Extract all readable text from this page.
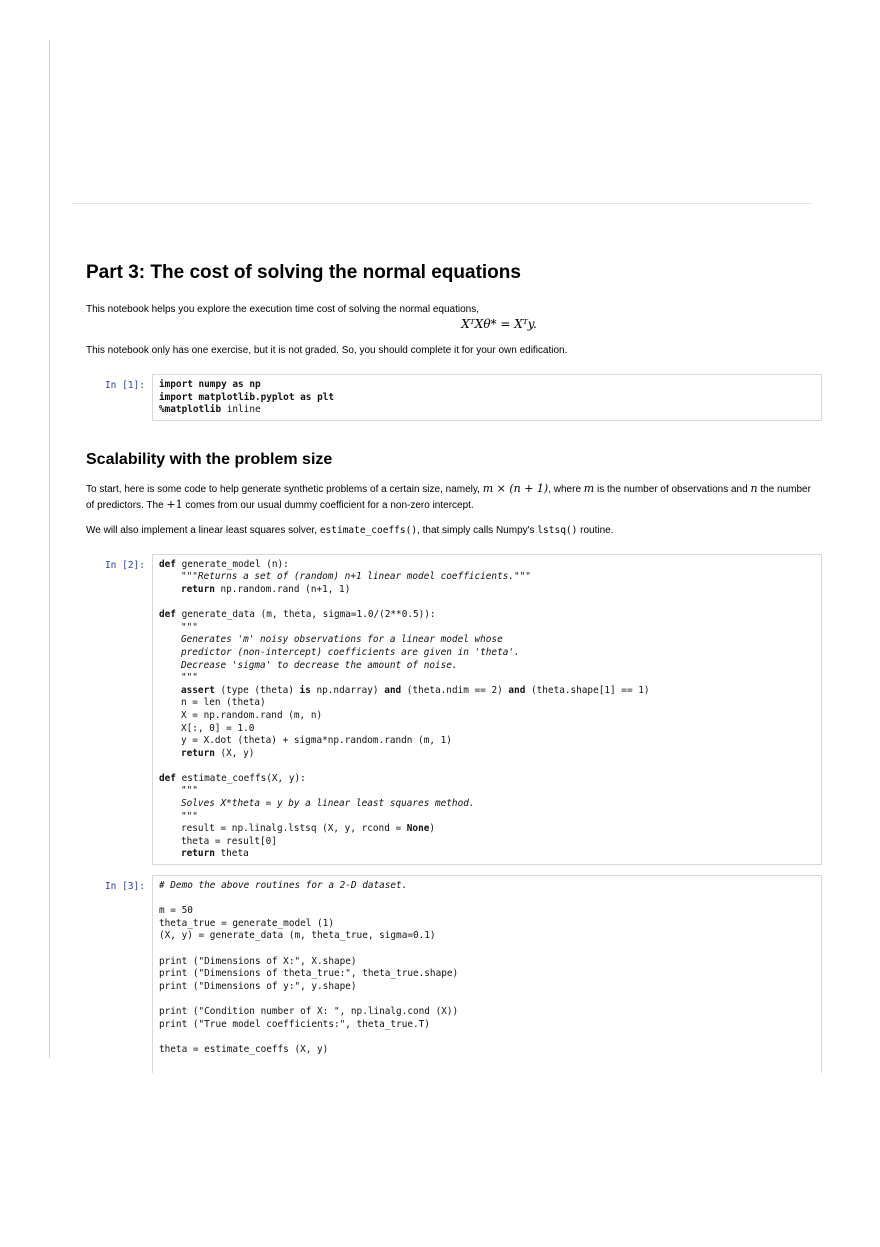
Part 3: The cost of solving the normal equations

This notebook helps you explore the execution time cost of solving the normal equations,

XᵀXθ* = Xᵀy.

This notebook only has one exercise, but it is not graded. So, you should complete it for your own edification.

In [1]: import numpy as np
import matplotlib.pyplot as plt
%matplotlib inline
Scalability with the problem size

To start, here is some code to help generate synthetic problems of a certain size, namely, m × (n + 1), where m is the number of observations and n the number of predictors. The +1 comes from our usual dummy coefficient for a non-zero intercept.

We will also implement a linear least squares solver, estimate_coeffs(), that simply calls Numpy's lstsq() routine.

In [2]: def generate_model (n):
"""Returns a set of (random) n+1 linear model coefficients."""
return np.random.rand (n+1, 1)
def generate_data (m, theta, sigma=1.0/(2**0.5)):
"""
Generates 'm' noisy observations for a linear model whose
predictor (non-intercept) coefficients are given in 'theta'.
Decrease 'sigma' to decrease the amount of noise.
"""
assert (type (theta) is np.ndarray) and (theta.ndim == 2) and (theta.shape[1] == 1)
n = len (theta)
X = np.random.rand (m, n)
X[:, 0] = 1.0
y = X.dot (theta) + sigma*np.random.randn (m, 1)
return (X, y)
def estimate_coeffs(X, y):
"""
Solves X*theta = y by a linear least squares method.
"""
result = np.linalg.lstsq (X, y, rcond = None)
theta = result[0]
return theta
In [3]: # Demo the above routines for a 2-D dataset.
m = 50
theta_true = generate_model (1)
(X, y) = generate_data (m, theta_true, sigma=0.1)
print ("Dimensions of X:", X.shape)
print ("Dimensions of theta_true:", theta_true.shape)
print ("Dimensions of y:", y.shape)
print ("Condition number of X: ", np.linalg.cond (X))
print ("True model coefficients:", theta_true.T)
theta = estimate_coeffs (X, y)
